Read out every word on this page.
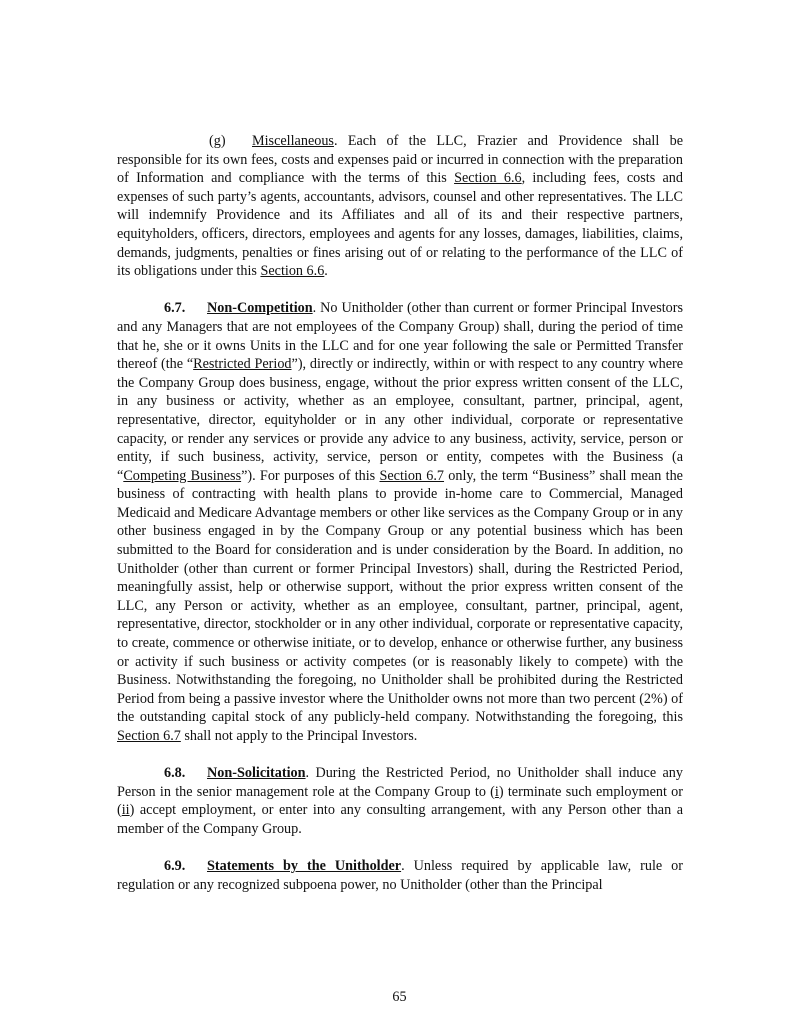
(g) Miscellaneous. Each of the LLC, Frazier and Providence shall be responsible for its own fees, costs and expenses paid or incurred in connection with the preparation of Information and compliance with the terms of this Section 6.6, including fees, costs and expenses of such party’s agents, accountants, advisors, counsel and other representatives. The LLC will indemnify Providence and its Affiliates and all of its and their respective partners, equityholders, officers, directors, employees and agents for any losses, damages, liabilities, claims, demands, judgments, penalties or fines arising out of or relating to the performance of the LLC of its obligations under this Section 6.6.

6.7. Non-Competition. No Unitholder (other than current or former Principal Investors and any Managers that are not employees of the Company Group) shall, during the period of time that he, she or it owns Units in the LLC and for one year following the sale or Permitted Transfer thereof (the “Restricted Period”), directly or indirectly, within or with respect to any country where the Company Group does business, engage, without the prior express written consent of the LLC, in any business or activity, whether as an employee, consultant, partner, principal, agent, representative, director, equityholder or in any other individual, corporate or representative capacity, or render any services or provide any advice to any business, activity, service, person or entity, if such business, activity, service, person or entity, competes with the Business (a “Competing Business”). For purposes of this Section 6.7 only, the term “Business” shall mean the business of contracting with health plans to provide in-home care to Commercial, Managed Medicaid and Medicare Advantage members or other like services as the Company Group or in any other business engaged in by the Company Group or any potential business which has been submitted to the Board for consideration and is under consideration by the Board. In addition, no Unitholder (other than current or former Principal Investors) shall, during the Restricted Period, meaningfully assist, help or otherwise support, without the prior express written consent of the LLC, any Person or activity, whether as an employee, consultant, partner, principal, agent, representative, director, stockholder or in any other individual, corporate or representative capacity, to create, commence or otherwise initiate, or to develop, enhance or otherwise further, any business or activity if such business or activity competes (or is reasonably likely to compete) with the Business. Notwithstanding the foregoing, no Unitholder shall be prohibited during the Restricted Period from being a passive investor where the Unitholder owns not more than two percent (2%) of the outstanding capital stock of any publicly-held company. Notwithstanding the foregoing, this Section 6.7 shall not apply to the Principal Investors.

6.8. Non-Solicitation. During the Restricted Period, no Unitholder shall induce any Person in the senior management role at the Company Group to (i) terminate such employment or (ii) accept employment, or enter into any consulting arrangement, with any Person other than a member of the Company Group.

6.9. Statements by the Unitholder. Unless required by applicable law, rule or regulation or any recognized subpoena power, no Unitholder (other than the Principal

65
